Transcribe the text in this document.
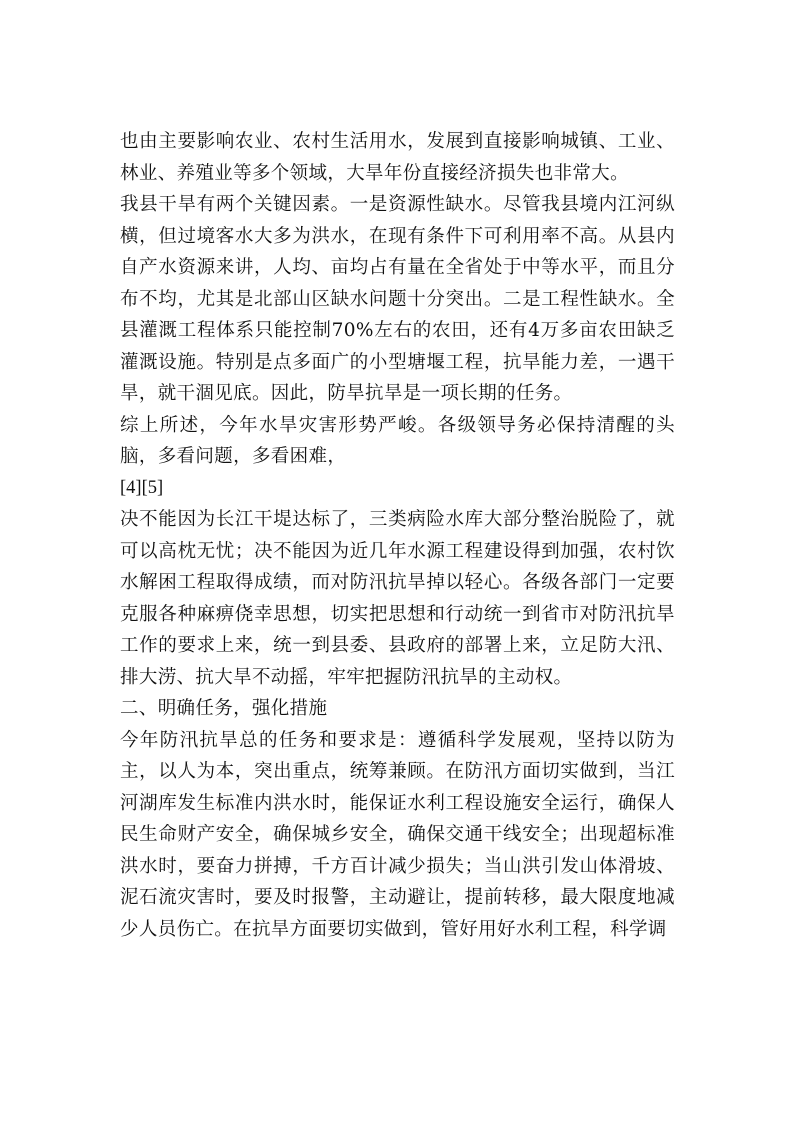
也由主要影响农业、农村生活用水，发展到直接影响城镇、工业、林业、养殖业等多个领域，大旱年份直接经济损失也非常大。

我县干旱有两个关键因素。一是资源性缺水。尽管我县境内江河纵横，但过境客水大多为洪水，在现有条件下可利用率不高。从县内自产水资源来讲，人均、亩均占有量在全省处于中等水平，而且分布不均，尤其是北部山区缺水问题十分突出。二是工程性缺水。全县灌溉工程体系只能控制70%左右的农田，还有4万多亩农田缺乏灌溉设施。特别是点多面广的小型塘堰工程，抗旱能力差，一遇干旱，就干涸见底。因此，防旱抗旱是一项长期的任务。

综上所述，今年水旱灾害形势严峻。各级领导务必保持清醒的头脑，多看问题，多看困难，

[4][5]

决不能因为长江干堤达标了，三类病险水库大部分整治脱险了，就可以高枕无忧；决不能因为近几年水源工程建设得到加强，农村饮水解困工程取得成绩，而对防汛抗旱掉以轻心。各级各部门一定要克服各种麻痹侥幸思想，切实把思想和行动统一到省市对防汛抗旱工作的要求上来，统一到县委、县政府的部署上来，立足防大汛、排大涝、抗大旱不动摇，牢牢把握防汛抗旱的主动权。

二、明确任务，强化措施

今年防汛抗旱总的任务和要求是：遵循科学发展观，坚持以防为主，以人为本，突出重点，统筹兼顾。在防汛方面切实做到，当江河湖库发生标准内洪水时，能保证水利工程设施安全运行，确保人民生命财产安全，确保城乡安全，确保交通干线安全；出现超标准洪水时，要奋力拼搏，千方百计减少损失；当山洪引发山体滑坡、泥石流灾害时，要及时报警，主动避让，提前转移，最大限度地减少人员伤亡。在抗旱方面要切实做到，管好用好水利工程，科学调
